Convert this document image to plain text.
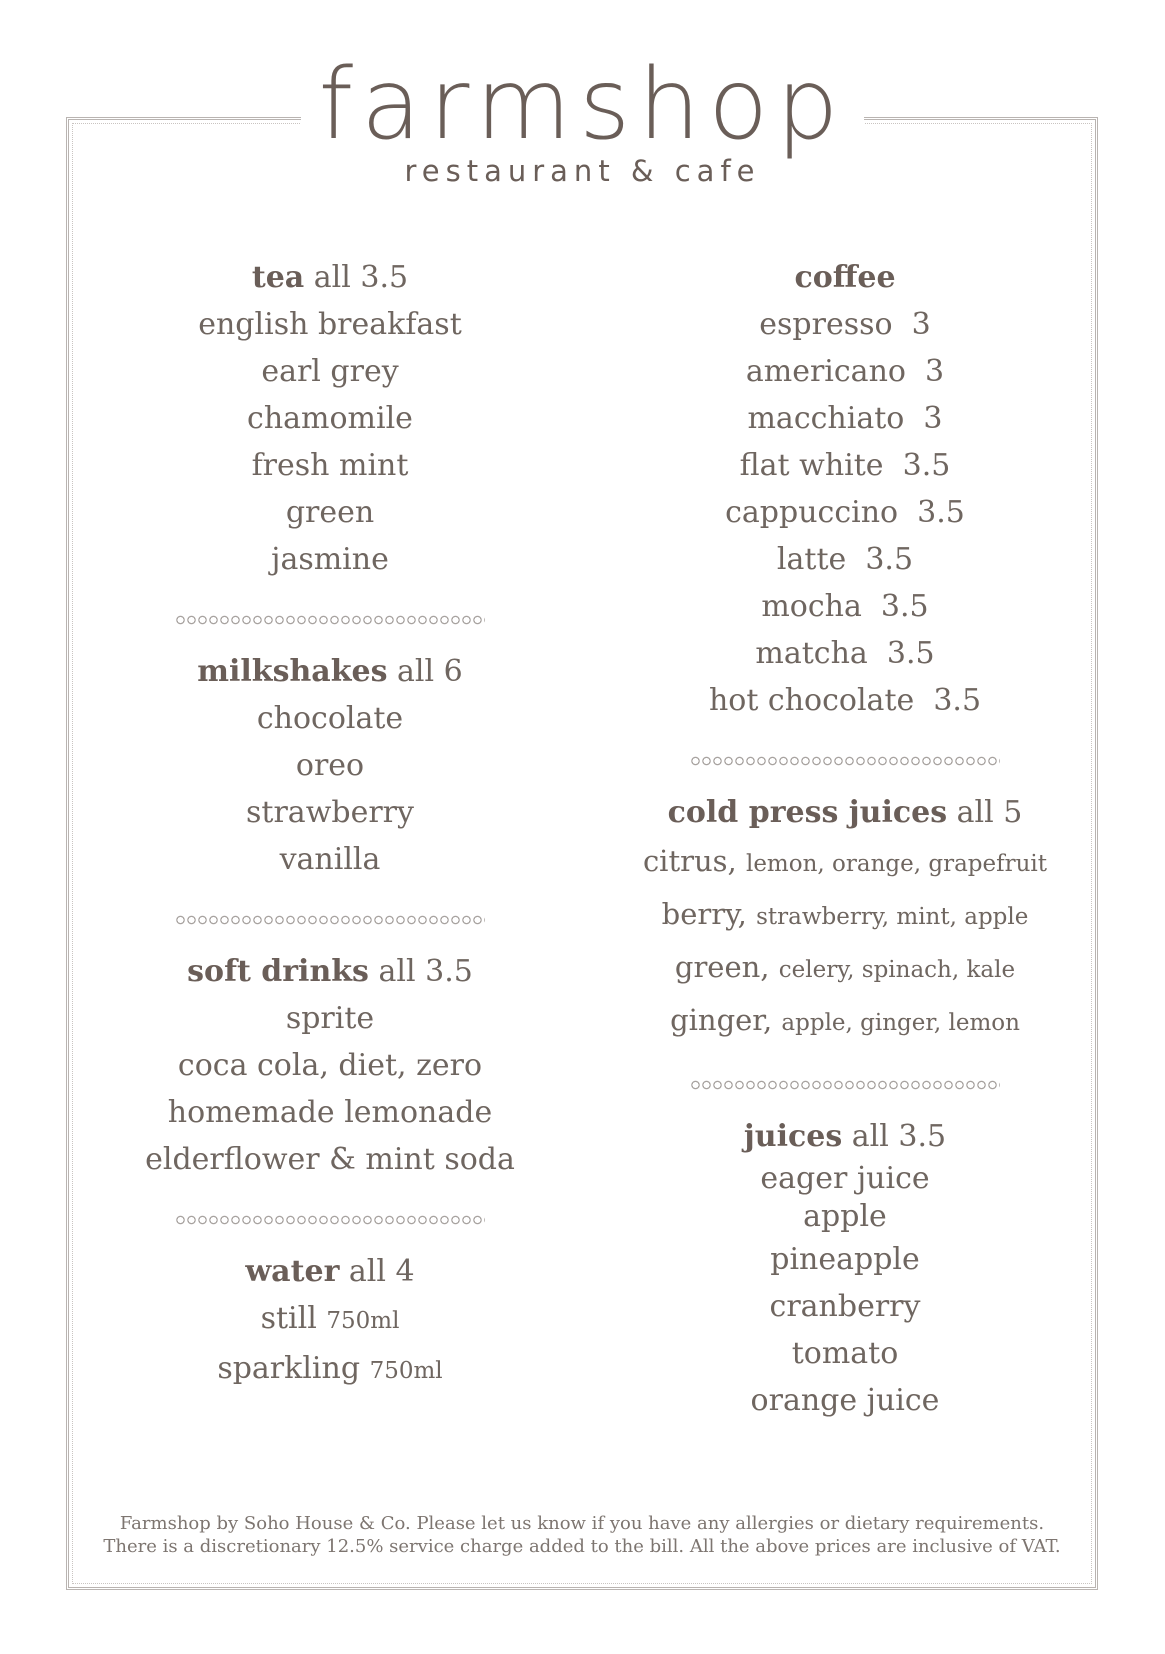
farmshop
restaurant & cafe
tea all 3.5
english breakfast
earl grey
chamomile
fresh mint
green
jasmine
milkshakes all 6
chocolate
oreo
strawberry
vanilla
soft drinks all 3.5
sprite
coca cola, diet, zero
homemade lemonade
elderflower & mint soda
water all 4
still 750ml
sparkling 750ml
coffee
espresso  3
americano  3
macchiato  3
flat white  3.5
cappuccino  3.5
latte  3.5
mocha  3.5
matcha  3.5
hot chocolate  3.5
cold press juices all 5
citrus, lemon, orange, grapefruit
berry, strawberry, mint, apple
green, celery, spinach, kale
ginger, apple, ginger, lemon
juices all 3.5
eager juice
apple
pineapple
cranberry
tomato
orange juice
Farmshop by Soho House & Co. Please let us know if you have any allergies or dietary requirements.
There is a discretionary 12.5% service charge added to the bill. All the above prices are inclusive of VAT.
